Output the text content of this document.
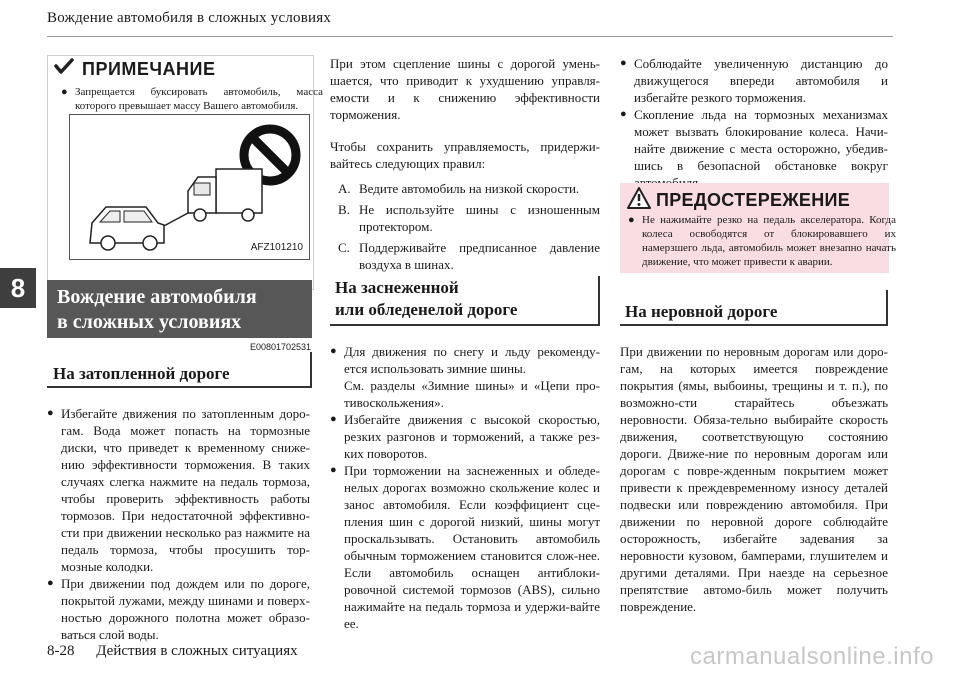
Вождение автомобиля в сложных условиях
8
ПРИМЕЧАНИЕ
● Запрещается буксировать автомобиль, масса которого превышает массу Вашего автомобиля.
AFZ101210
Вождение автомобиля
в сложных условиях
E00801702531
На затопленной дороге
● Избегайте движения по затопленным доро-гам. Вода может попасть на тормозные диски, что приведет к временному сниже-нию эффективности торможения. В таких случаях слегка нажмите на педаль тормоза, чтобы проверить эффективность работы тормозов. При недостаточной эффективно-сти при движении несколько раз нажмите на педаль тормоза, чтобы просушить тор-мозные колодки.
● При движении под дождем или по дороге, покрытой лужами, между шинами и поверх-ностью дорожного полотна может образо-ваться слой воды.
При этом сцепление шины с дорогой умень-шается, что приводит к ухудшению управля-емости и к снижению эффективности торможения.
Чтобы сохранить управляемость, придержи-вайтесь следующих правил:
A. Ведите автомобиль на низкой скорости.
B. Не используйте шины с изношенным протектором.
C. Поддерживайте предписанное давление воздуха в шинах.
На заснеженной
или обледенелой дороге
● Для движения по снегу и льду рекоменду-ется использовать зимние шины.
См. разделы «Зимние шины» и «Цепи про-тивоскольжения».
● Избегайте движения с высокой скоростью, резких разгонов и торможений, а также рез-ких поворотов.
● При торможении на заснеженных и обледе-нелых дорогах возможно скольжение колес и занос автомобиля. Если коэффициент сце-пления шин с дорогой низкий, шины могут проскальзывать. Остановить автомобиль обычным торможением становится слож-нее. Если автомобиль оснащен антиблоки-ровочной системой тормозов (ABS), сильно нажимайте на педаль тормоза и удержи-вайте ее.
● Соблюдайте увеличенную дистанцию до движущегося впереди автомобиля и избегайте резкого торможения.
● Скопление льда на тормозных механизмах может вызвать блокирование колеса. Начи-найте движение с места осторожно, убедив-шись в безопасной обстановке вокруг
ПРЕДОСТЕРЕЖЕНИЕ
● Не нажимайте резко на педаль акселератора. Когда колеса освободятся от блокировавшего их намерзшего льда, автомобиль может внезапно начать движение, что может привести к аварии.
На неровной дороге
При движении по неровным дорогам или доро-гам, на которых имеется повреждение покрытия (ямы, выбоины, трещины и т. п.), по возможно-сти старайтесь объезжать неровности. Обяза-тельно выбирайте скорость движения, соответствующую состоянию дороги. Движе-ние по неровным дорогам или дорогам с повре-жденным покрытием может привести к преждевременному износу деталей подвески или повреждению автомобиля. При движении по неровной дороге соблюдайте осторожность, избегайте задевания за неровности кузовом, бамперами, глушителем и другими деталями. При наезде на серьезное препятствие автомо-биль может получить повреждение.
8-28 Действия в сложных ситуациях	carmanualsonline.info
